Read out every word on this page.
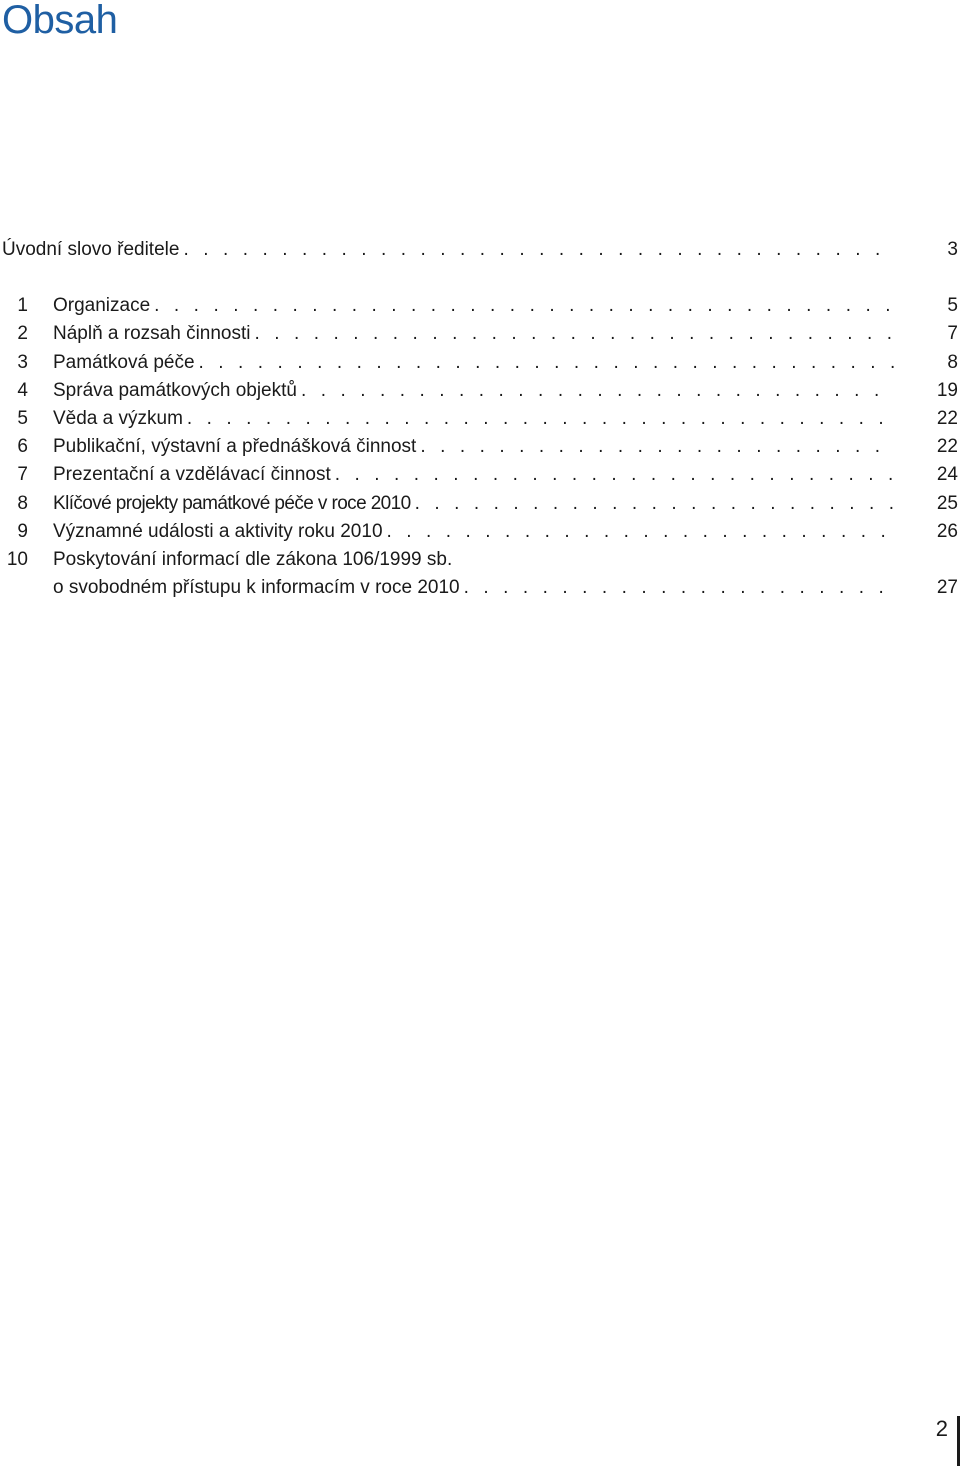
Obsah
Úvodní slovo ředitele . . .	3
1 Organizace . . .	5
2 Náplň a rozsah činnosti . . .	7
3 Památková péče . . .	8
4 Správa památkových objektů . . .	19
5 Věda a výzkum . . .	22
6 Publikační, výstavní a přednášková činnost . . .	22
7 Prezentační a vzdělávací činnost . . .	24
8 Klíčové projekty památkové péče v roce 2010 . . .	25
9 Významné události a aktivity roku 2010 . . .	26
10 Poskytování informací dle zákona 106/1999 sb.
o svobodném přístupu k informacím v roce 2010 . . .	27
2
